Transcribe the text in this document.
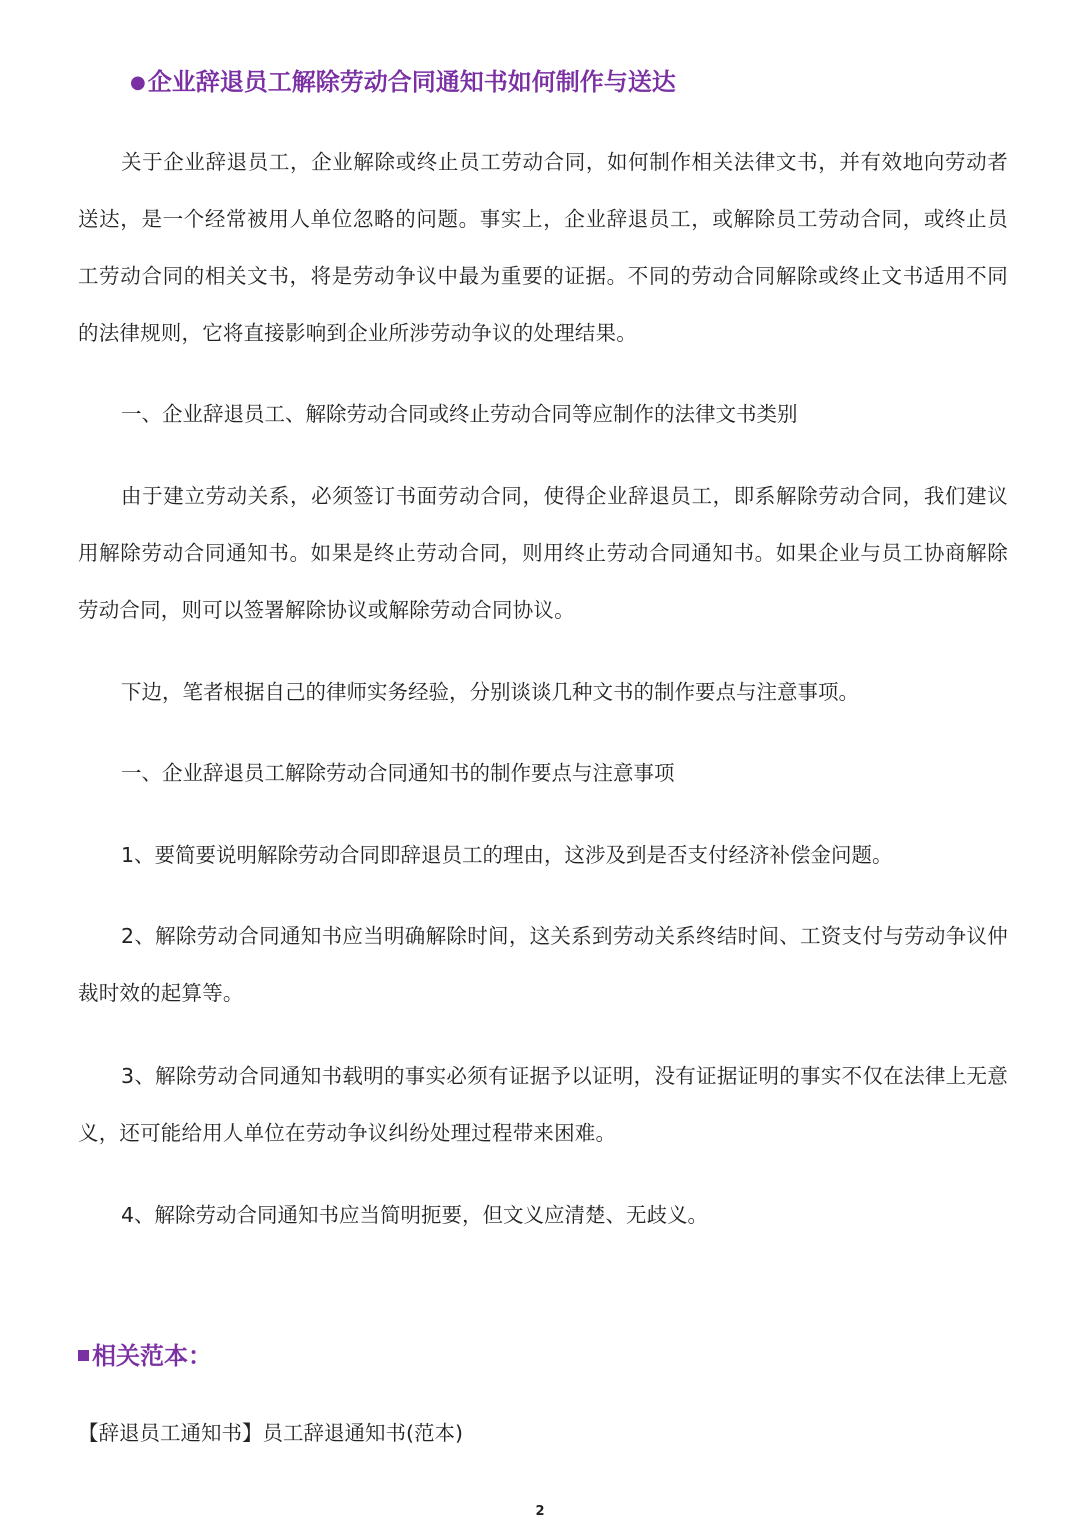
●企业辞退员工解除劳动合同通知书如何制作与送达
关于企业辞退员工，企业解除或终止员工劳动合同，如何制作相关法律文书，并有效地向劳动者送达，是一个经常被用人单位忽略的问题。事实上，企业辞退员工，或解除员工劳动合同，或终止员工劳动合同的相关文书，将是劳动争议中最为重要的证据。不同的劳动合同解除或终止文书适用不同的法律规则，它将直接影响到企业所涉劳动争议的处理结果。
一、企业辞退员工、解除劳动合同或终止劳动合同等应制作的法律文书类别
由于建立劳动关系，必须签订书面劳动合同，使得企业辞退员工，即系解除劳动合同，我们建议用解除劳动合同通知书。如果是终止劳动合同，则用终止劳动合同通知书。如果企业与员工协商解除劳动合同，则可以签署解除协议或解除劳动合同协议。
下边，笔者根据自己的律师实务经验，分别谈谈几种文书的制作要点与注意事项。
一、企业辞退员工解除劳动合同通知书的制作要点与注意事项
1、要简要说明解除劳动合同即辞退员工的理由，这涉及到是否支付经济补偿金问题。
2、解除劳动合同通知书应当明确解除时间，这关系到劳动关系终结时间、工资支付与劳动争议仲裁时效的起算等。
3、解除劳动合同通知书载明的事实必须有证据予以证明，没有证据证明的事实不仅在法律上无意义，还可能给用人单位在劳动争议纠纷处理过程带来困难。
4、解除劳动合同通知书应当简明扼要，但文义应清楚、无歧义。
相关范本：
【辞退员工通知书】员工辞退通知书(范本)
2
